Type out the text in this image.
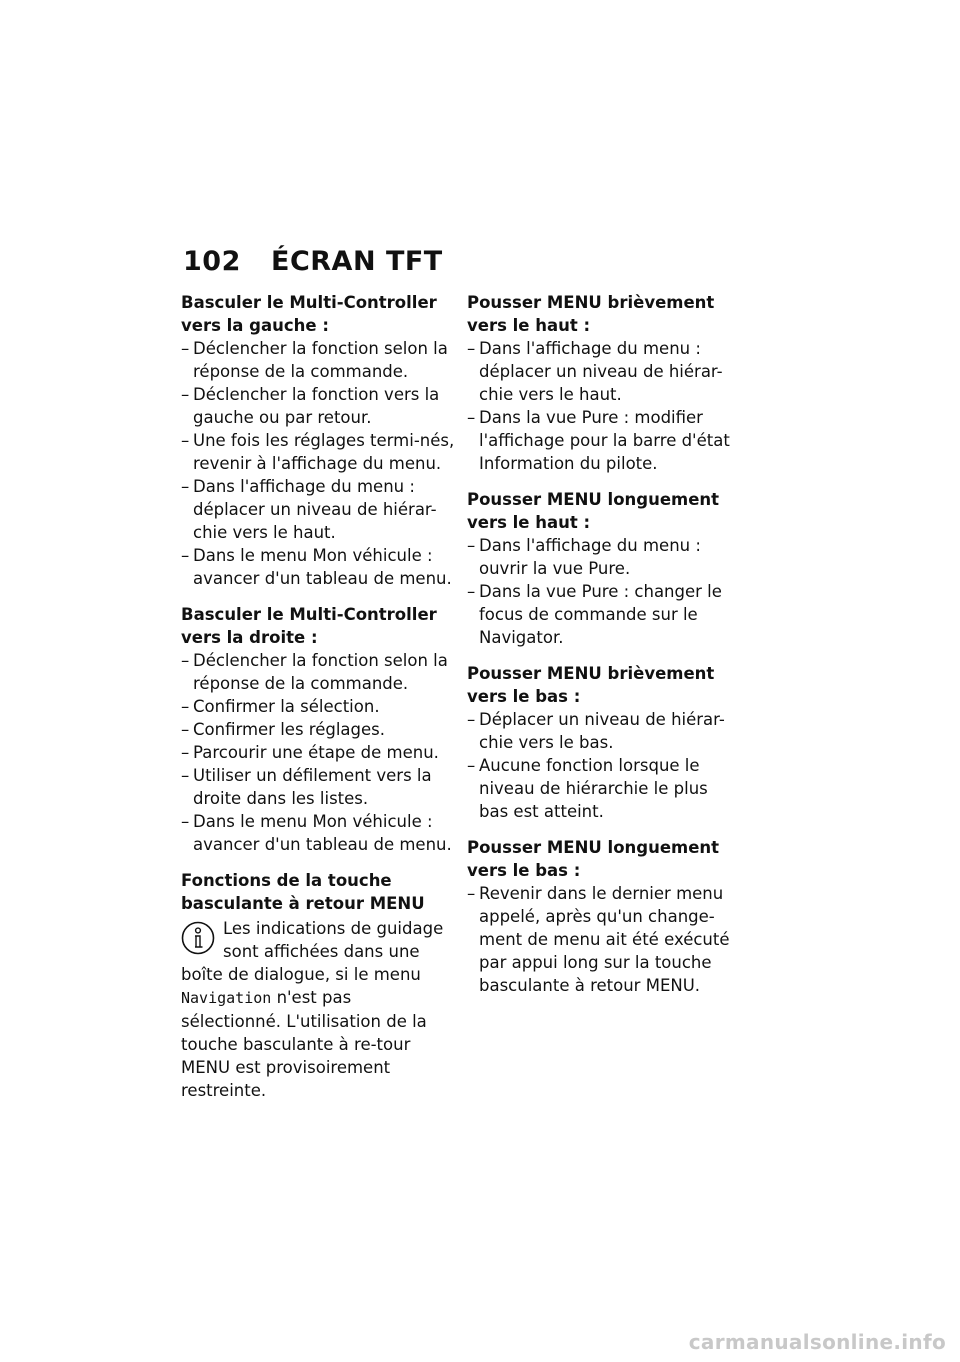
102 ÉCRAN TFT
Basculer le Multi-Controller vers la gauche :
– Déclencher la fonction selon la réponse de la commande.
– Déclencher la fonction vers la gauche ou par retour.
– Une fois les réglages termi-nés, revenir à l'affichage du menu.
– Dans l'affichage du menu : déplacer un niveau de hiérar-chie vers le haut.
– Dans le menu Mon véhicule : avancer d'un tableau de menu.
Basculer le Multi-Controller vers la droite :
– Déclencher la fonction selon la réponse de la commande.
– Confirmer la sélection.
– Confirmer les réglages.
– Parcourir une étape de menu.
– Utiliser un défilement vers la droite dans les listes.
– Dans le menu Mon véhicule : avancer d'un tableau de menu.
Fonctions de la touche basculante à retour MENU
Les indications de guidage sont affichées dans une boîte de dialogue, si le menu Navigation n'est pas sélectionné. L'utilisation de la touche basculante à re-tour MENU est provisoirement restreinte.
Pousser MENU brièvement vers le haut :
– Dans l'affichage du menu : déplacer un niveau de hiérar-chie vers le haut.
– Dans la vue Pure : modifier l'affichage pour la barre d'état Information du pilote.
Pousser MENU longuement vers le haut :
– Dans l'affichage du menu : ouvrir la vue Pure.
– Dans la vue Pure : changer le focus de commande sur le Navigator.
Pousser MENU brièvement vers le bas :
– Déplacer un niveau de hiérar-chie vers le bas.
– Aucune fonction lorsque le niveau de hiérarchie le plus bas est atteint.
Pousser MENU longuement vers le bas :
– Revenir dans le dernier menu appelé, après qu'un change-ment de menu ait été exécuté par appui long sur la touche basculante à retour MENU.
carmanualsonline.info
